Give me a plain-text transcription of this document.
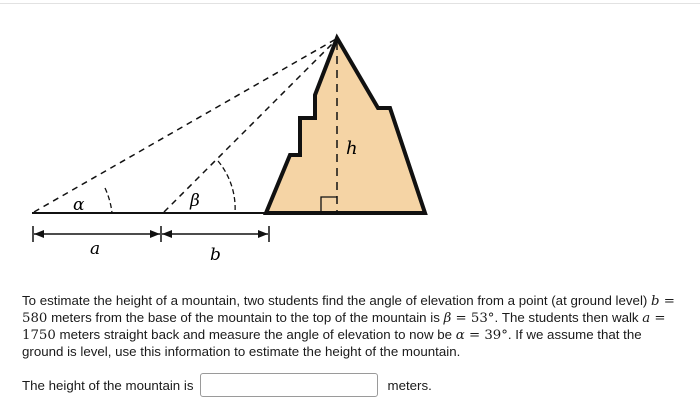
α	β
h
a	b

To estimate the height of a mountain, two students find the angle of elevation from a point (at ground level) b = 580 meters from the base of the mountain to the top of the mountain is β = 53°. The students then walk a = 1750 meters straight back and measure the angle of elevation to now be α = 39°. If we assume that the ground is level, use this information to estimate the height of the mountain.

The height of the mountain is	meters.
